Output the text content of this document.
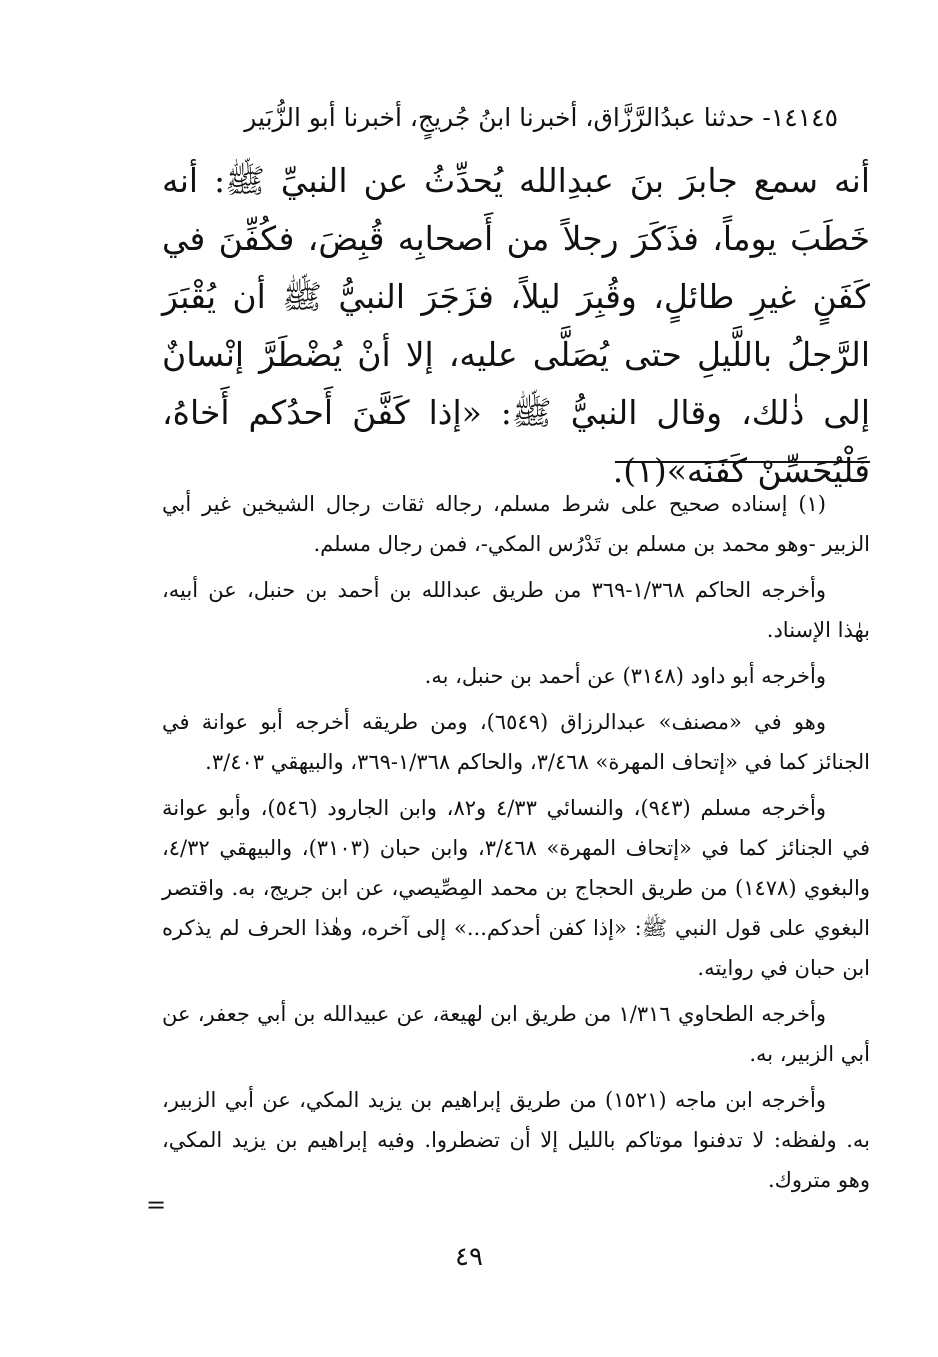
١٤١٤٥- حدثنا عبدُالرَّزَّاق، أخبرنا ابنُ جُريجٍ، أخبرنا أبو الزُّبَير

أنه سمع جابرَ بنَ عبدِالله يُحدِّثُ عن النبيِّ ﷺ: أنه خَطَبَ يوماً، فذَكَرَ رجلاً من أَصحابِه قُبِضَ، فكُفِّنَ في كَفَنٍ غيرِ طائلٍ، وقُبِرَ ليلاً، فزَجَرَ النبيُّ ﷺ أن يُقْبَرَ الرَّجلُ باللَّيلِ حتى يُصَلَّى عليه، إلا أنْ يُضْطَرَّ إنْسانٌ إلى ذٰلك، وقال النبيُّ ﷺ: «إذا كَفَّنَ أَحدُكم أَخاهُ، فَلْيُحَسِّنْ كَفَنَه»(١).

(١) إسناده صحيح على شرط مسلم، رجاله ثقات رجال الشيخين غير أبي الزبير -وهو محمد بن مسلم بن تَدْرُس المكي-، فمن رجال مسلم.

وأخرجه الحاكم ١/٣٦٨-٣٦٩ من طريق عبدالله بن أحمد بن حنبل، عن أبيه، بهٰذا الإسناد.

وأخرجه أبو داود (٣١٤٨) عن أحمد بن حنبل، به.

وهو في «مصنف» عبدالرزاق (٦٥٤٩)، ومن طريقه أخرجه أبو عوانة في الجنائز كما في «إتحاف المهرة» ٣/٤٦٨، والحاكم ١/٣٦٨-٣٦٩، والبيهقي ٣/٤٠٣.

وأخرجه مسلم (٩٤٣)، والنسائي ٤/٣٣ و٨٢، وابن الجارود (٥٤٦)، وأبو عوانة في الجنائز كما في «إتحاف المهرة» ٣/٤٦٨، وابن حبان (٣١٠٣)، والبيهقي ٤/٣٢، والبغوي (١٤٧٨) من طريق الحجاج بن محمد المِصِّيصي، عن ابن جريج، به. واقتصر البغوي على قول النبي ﷺ: «إذا كفن أحدكم...» إلى آخره، وهٰذا الحرف لم يذكره ابن حبان في روايته.

وأخرجه الطحاوي ١/٣١٦ من طريق ابن لهيعة، عن عبيدالله بن أبي جعفر، عن أبي الزبير، به.

وأخرجه ابن ماجه (١٥٢١) من طريق إبراهيم بن يزيد المكي، عن أبي الزبير، به. ولفظه: لا تدفنوا موتاكم بالليل إلا أن تضطروا. وفيه إبراهيم بن يزيد المكي، وهو متروك.

=
٤٩
